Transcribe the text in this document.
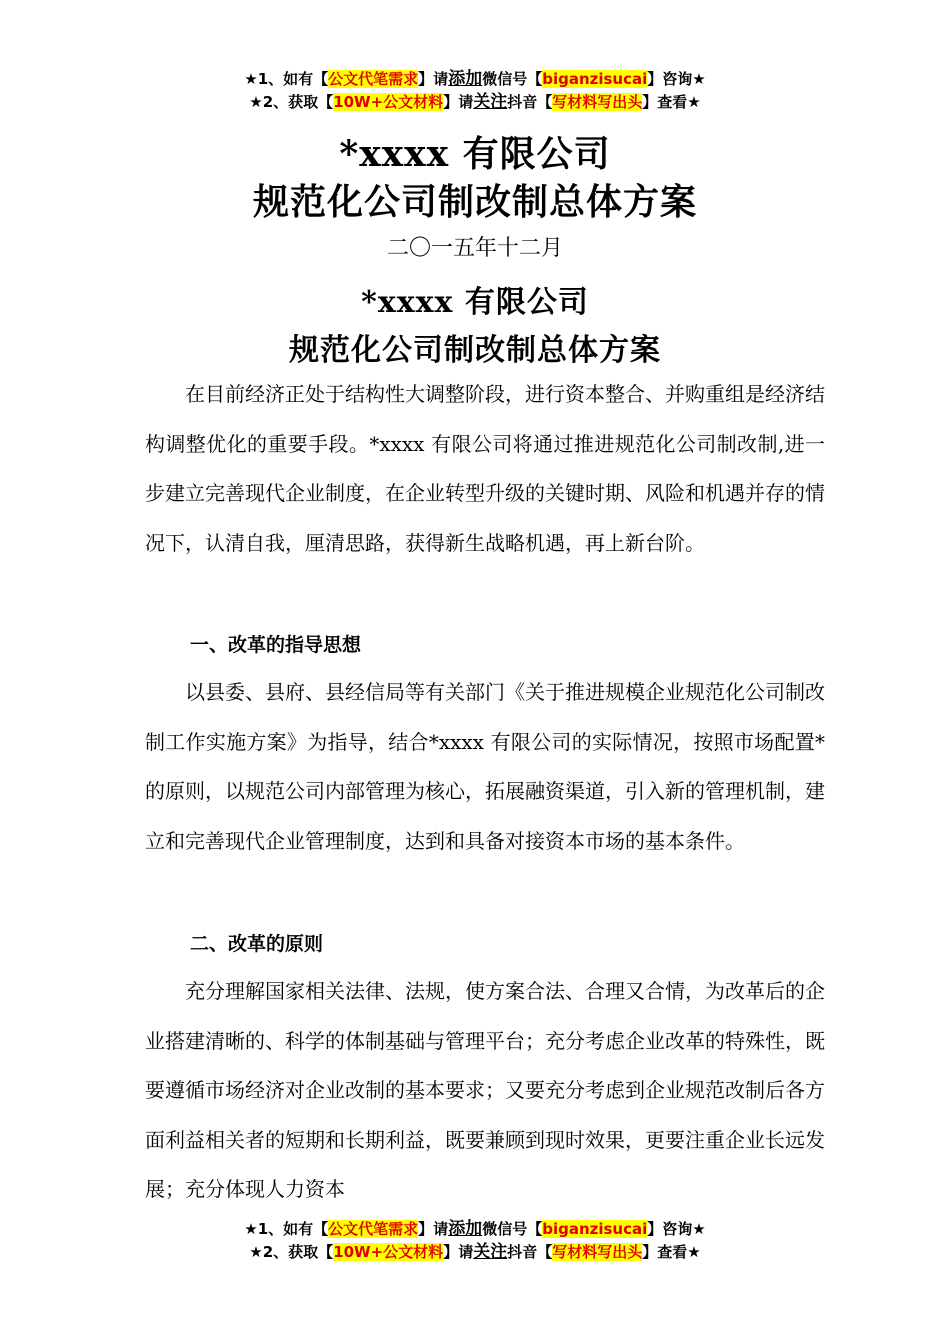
★1、如有【公文代笔需求】请添加微信号【biganzisucai】咨询★
★2、获取【10W+公文材料】请关注抖音【写材料写出头】查看★
*xxxx 有限公司
规范化公司制改制总体方案
二〇一五年十二月
*xxxx 有限公司
规范化公司制改制总体方案
在目前经济正处于结构性大调整阶段，进行资本整合、并购重组是经济结构调整优化的重要手段。*xxxx 有限公司将通过推进规范化公司制改制,进一步建立完善现代企业制度，在企业转型升级的关键时期、风险和机遇并存的情况下，认清自我，厘清思路，获得新生战略机遇，再上新台阶。
一、改革的指导思想
以县委、县府、县经信局等有关部门《关于推进规模企业规范化公司制改制工作实施方案》为指导，结合*xxxx 有限公司的实际情况，按照市场配置*的原则，以规范公司内部管理为核心，拓展融资渠道，引入新的管理机制，建立和完善现代企业管理制度，达到和具备对接资本市场的基本条件。
二、改革的原则
充分理解国家相关法律、法规，使方案合法、合理又合情，为改革后的企业搭建清晰的、科学的体制基础与管理平台；充分考虑企业改革的特殊性，既要遵循市场经济对企业改制的基本要求；又要充分考虑到企业规范改制后各方面利益相关者的短期和长期利益，既要兼顾到现时效果，更要注重企业长远发展；充分体现人力资本
★1、如有【公文代笔需求】请添加微信号【biganzisucai】咨询★
★2、获取【10W+公文材料】请关注抖音【写材料写出头】查看★
